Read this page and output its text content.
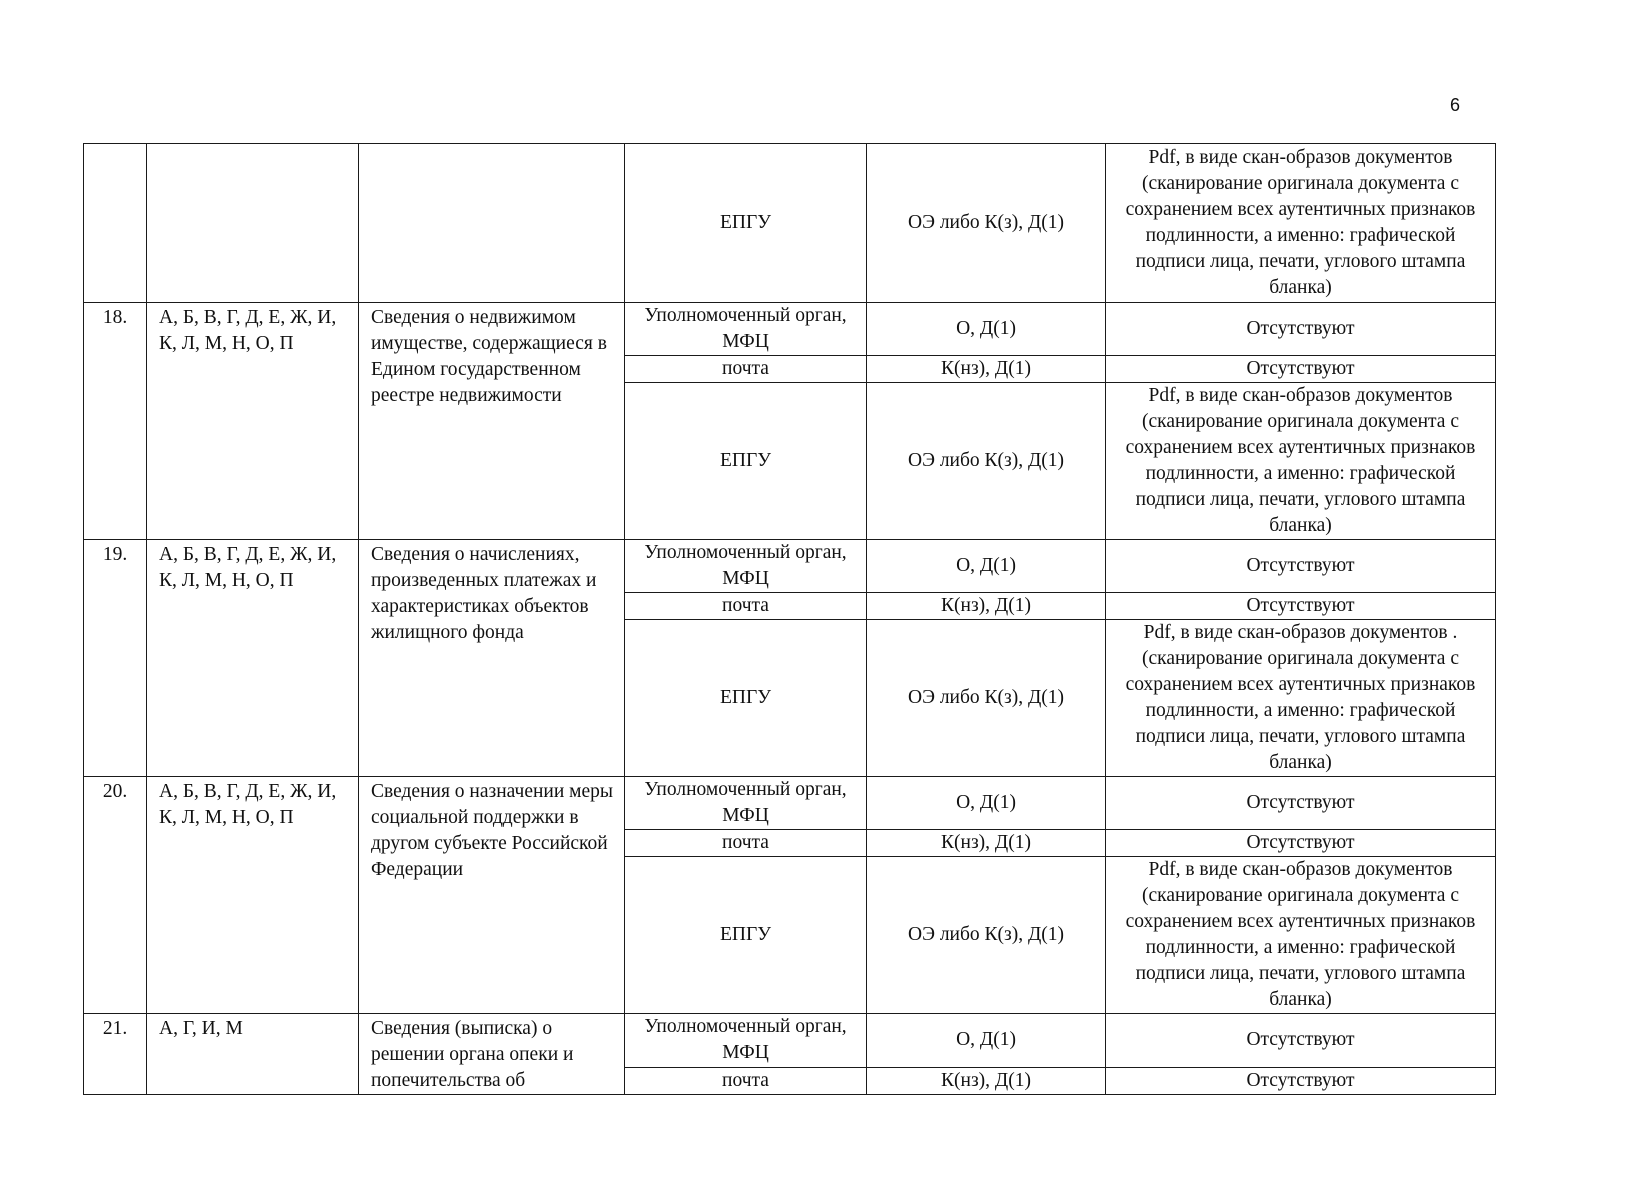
6
			ЕПГУ	ОЭ либо К(з), Д(1)	Pdf, в виде скан-образов документов (сканирование оригинала документа с сохранением всех аутентичных признаков подлинности, а именно: графической подписи лица, печати, углового штампа бланка)
18.	А, Б, В, Г, Д, Е, Ж, И, К, Л, М, Н, О, П	Сведения о недвижимом имуществе, содержащиеся в Едином государственном реестре недвижимости	Уполномоченный орган, МФЦ	О, Д(1)	Отсутствуют
			почта	К(нз), Д(1)	Отсутствуют
			ЕПГУ	ОЭ либо К(з), Д(1)	Pdf, в виде скан-образов документов (сканирование оригинала документа с сохранением всех аутентичных признаков подлинности, а именно: графической подписи лица, печати, углового штампа бланка)
19.	А, Б, В, Г, Д, Е, Ж, И, К, Л, М, Н, О, П	Сведения о начислениях, произведенных платежах и характеристиках объектов жилищного фонда	Уполномоченный орган, МФЦ	О, Д(1)	Отсутствуют
			почта	К(нз), Д(1)	Отсутствуют
			ЕПГУ	ОЭ либо К(з), Д(1)	Pdf, в виде скан-образов документов .(сканирование оригинала документа с сохранением всех аутентичных признаков подлинности, а именно: графической подписи лица, печати, углового штампа бланка)
20.	А, Б, В, Г, Д, Е, Ж, И, К, Л, М, Н, О, П	Сведения о назначении меры социальной поддержки в другом субъекте Российской Федерации	Уполномоченный орган, МФЦ	О, Д(1)	Отсутствуют
			почта	К(нз), Д(1)	Отсутствуют
			ЕПГУ	ОЭ либо К(з), Д(1)	Pdf, в виде скан-образов документов (сканирование оригинала документа с сохранением всех аутентичных признаков подлинности, а именно: графической подписи лица, печати, углового штампа бланка)
21.	А, Г, И, М	Сведения (выписка) о решении органа опеки и попечительства об	Уполномоченный орган, МФЦ	О, Д(1)	Отсутствуют
			почта	К(нз), Д(1)	Отсутствуют
